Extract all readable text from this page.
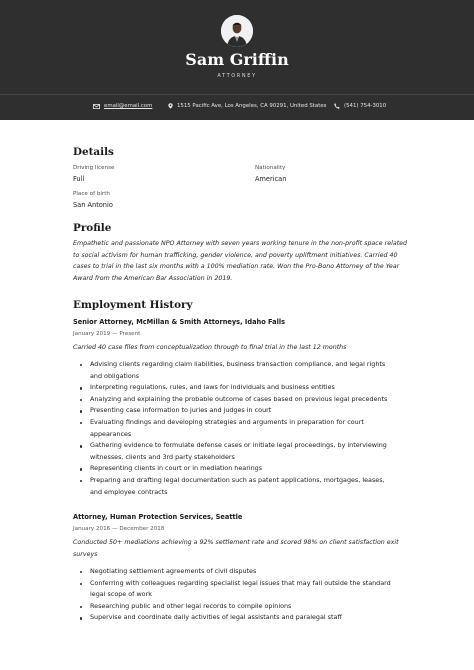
Sam Griffin
ATTORNEY
email@email.com	1515 Pacific Ave, Los Angeles, CA 90291, United States	(541) 754-3010
Details
Driving license
Full
Nationality
American
Place of birth
San Antonio
Profile
Empathetic and passionate NPO Attorney with seven years working tenure in the non-profit space related
to social activism for human trafficking, gender violence, and poverty upliftment initiatives. Carried 40
cases to trial in the last six months with a 100% mediation rate. Won the Pro-Bono Attorney of the Year
Award from the American Bar Association in 2019.
Employment History
Senior Attorney, McMillan & Smith Attorneys, Idaho Falls
January 2019 — Present
Carried 40 case files from conceptualization through to final trial in the last 12 months
Advising clients regarding claim liabilities, business transaction compliance, and legal rights
and obligations
Interpreting regulations, rules, and laws for individuals and business entities
Analyzing and explaining the probable outcome of cases based on previous legal precedents
Presenting case information to juries and judges in court
Evaluating findings and developing strategies and arguments in preparation for court
appearances
Gathering evidence to formulate defense cases or initiate legal proceedings, by interviewing
witnesses, clients and 3rd party stakeholders
Representing clients in court or in mediation hearings
Preparing and drafting legal documentation such as patent applications, mortgages, leases,
and employee contracts
Attorney, Human Protection Services, Seattle
January 2016 — December 2018
Conducted 50+ mediations achieving a 92% settlement rate and scored 98% on client satisfaction exit
surveys
Negotiating settlement agreements of civil disputes
Conferring with colleagues regarding specialist legal issues that may fall outside the standard
legal scope of work
Researching public and other legal records to compile opinions
Supervise and coordinate daily activities of legal assistants and paralegal staff
